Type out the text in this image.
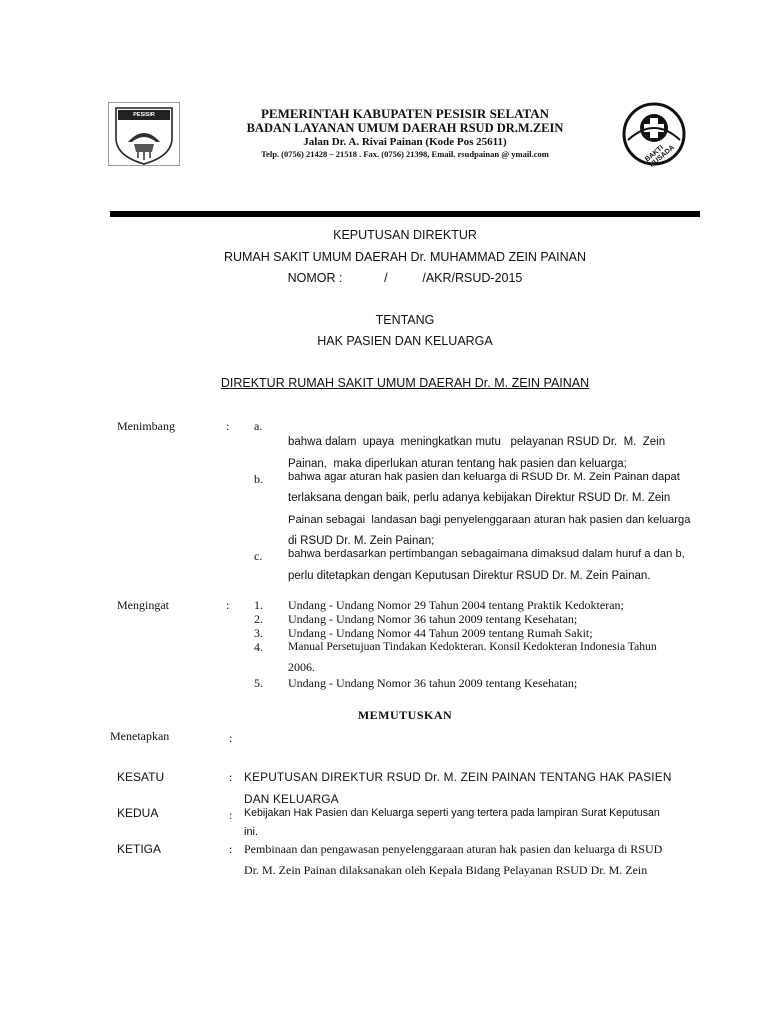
PESISIR SELATAN
PEMERINTAH KABUPATEN PESISIR SELATAN
BADAN LAYANAN UMUM DAERAH RSUD DR.M.ZEIN
Jalan Dr. A. Rivai Painan (Kode Pos 25611)
Telp. (0756) 21428 – 21518 . Fax. (0756) 21398, Email. rsudpainan @ ymail.com	BAKTI HUSADA
KEPUTUSAN DIREKTUR
RUMAH SAKIT UMUM DAERAH Dr. MUHAMMAD ZEIN PAINAN
NOMOR :            /          /AKR/RSUD-2015
TENTANG
HAK PASIEN DAN KELUARGA
DIREKTUR RUMAH SAKIT UMUM DAERAH Dr. M. ZEIN PAINAN
Menimbang	: a.
bahwa dalam  upaya  meningkatkan mutu   pelayanan RSUD Dr.  M.  Zein
Painan,  maka diperlukan aturan tentang hak pasien dan keluarga;
b. bahwa agar aturan hak pasien dan keluarga di RSUD Dr. M. Zein Painan dapat
terlaksana dengan baik, perlu adanya kebijakan Direktur RSUD Dr. M. Zein
Painan sebagai  landasan bagi penyelenggaraan aturan hak pasien dan keluarga
di RSUD Dr. M. Zein Painan;
c. bahwa berdasarkan pertimbangan sebagaimana dimaksud dalam huruf a dan b,
perlu ditetapkan dengan Keputusan Direktur RSUD Dr. M. Zein Painan.
Mengingat	: 1. Undang - Undang Nomor 29 Tahun 2004 tentang Praktik Kedokteran;
2. Undang - Undang Nomor 36 tahun 2009 tentang Kesehatan;
3. Undang - Undang Nomor 44 Tahun 2009 tentang Rumah Sakit;
4. Manual Persetujuan Tindakan Kedokteran. Konsil Kedokteran Indonesia Tahun
2006.
5. Undang - Undang Nomor 36 tahun 2009 tentang Kesehatan;
MEMUTUSKAN
Menetapkan	:
KESATU	: KEPUTUSAN DIREKTUR RSUD Dr. M. ZEIN PAINAN TENTANG HAK PASIEN
DAN KELUARGA
KEDUA	: Kebijakan Hak Pasien dan Keluarga seperti yang tertera pada lampiran Surat Keputusan
ini.
KETIGA	: Pembinaan dan pengawasan penyelenggaraan aturan hak pasien dan keluarga di RSUD
Dr. M. Zein Painan dilaksanakan oleh Kepala Bidang Pelayanan RSUD Dr. M. Zein
